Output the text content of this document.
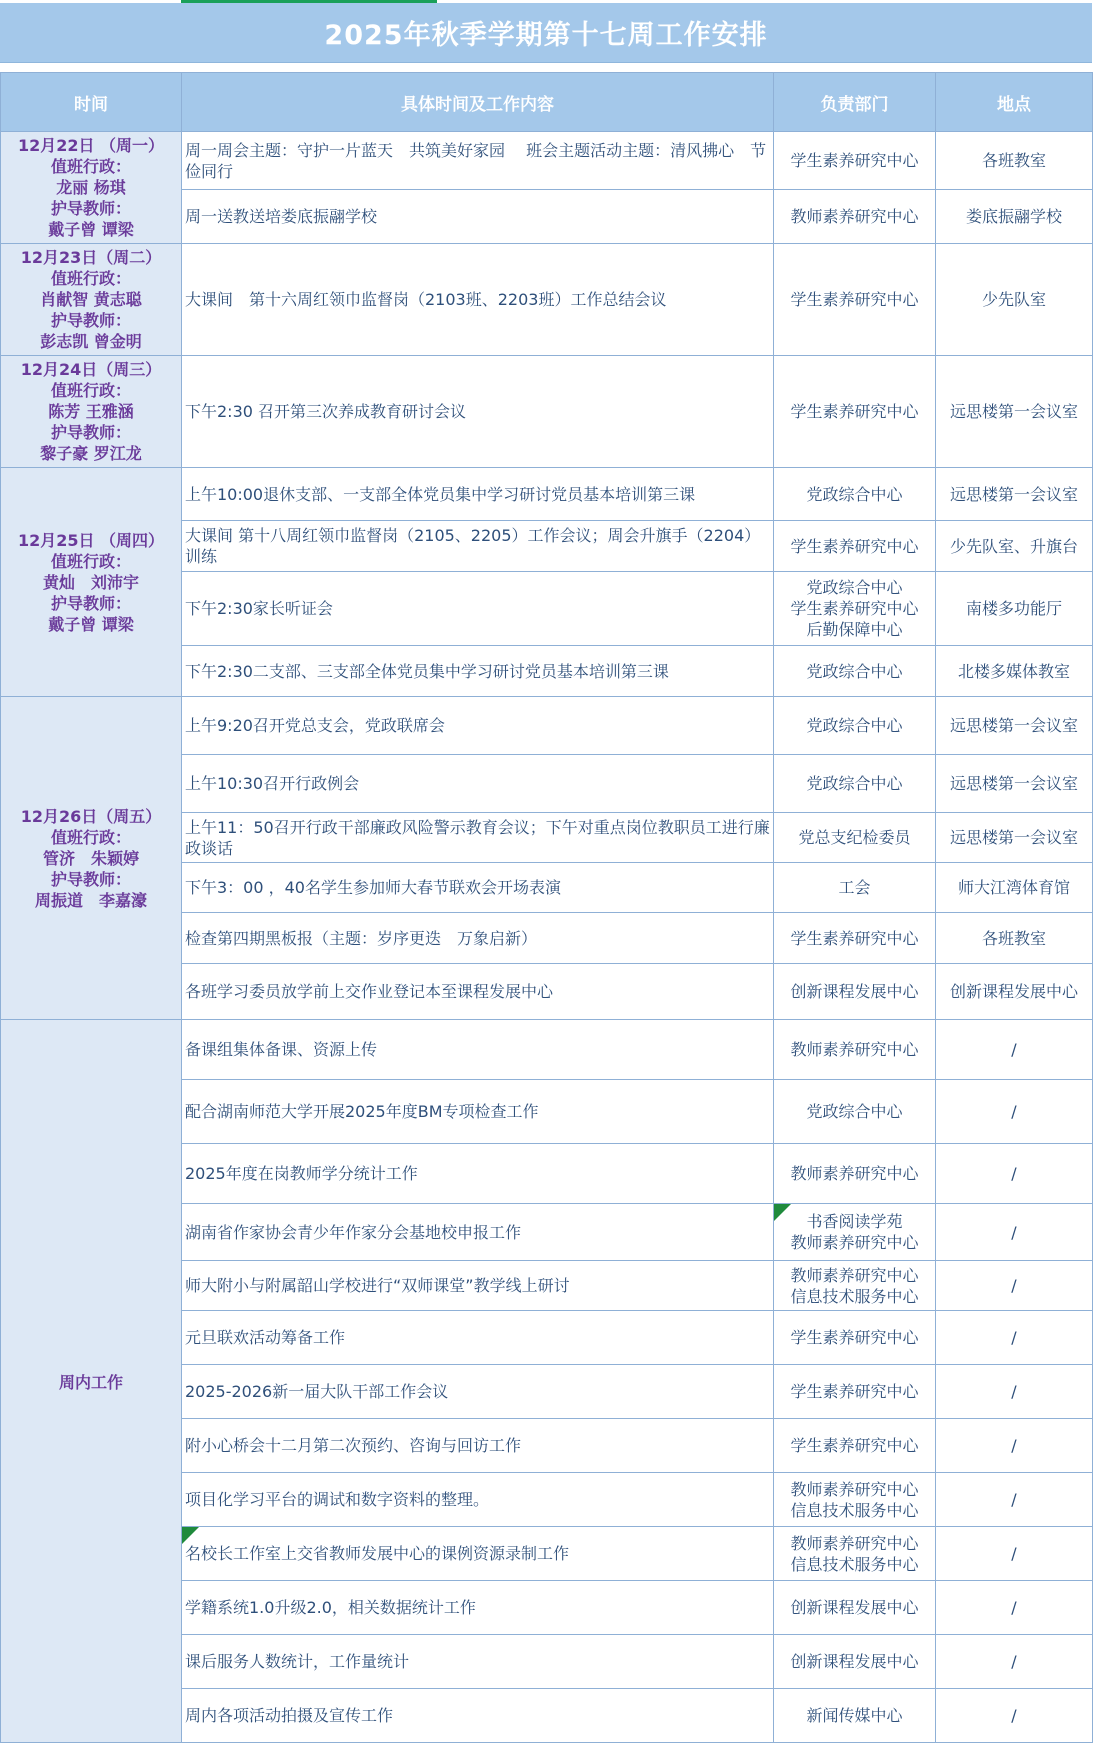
2025年秋季学期第十七周工作安排
时间	具体时间及工作内容	负责部门	地点

12月22日 （周一）
值班行政：
龙丽 杨琪
护导教师：
戴子曾 谭梁	周一周会主题：守护一片蓝天　共筑美好家园　 班会主题活动主题：清风拂心　节俭同行	学生素养研究中心	各班教室
	周一送教送培娄底振翮学校	教师素养研究中心	娄底振翮学校

12月23日（周二）
值班行政：
肖献智 黄志聪
护导教师：
彭志凯 曾金明	大课间　第十六周红领巾监督岗（2103班、2203班）工作总结会议	学生素养研究中心	少先队室

12月24日（周三）
值班行政：
陈芳 王雅涵
护导教师：
黎子豪 罗江龙	下午2:30 召开第三次养成教育研讨会议	学生素养研究中心	远思楼第一会议室

12月25日 （周四）
值班行政：
黄灿　刘沛宇
护导教师：
戴子曾 谭梁	上午10:00退休支部、一支部全体党员集中学习研讨党员基本培训第三课	党政综合中心	远思楼第一会议室
	大课间 第十八周红领巾监督岗（2105、2205）工作会议；周会升旗手（2204）训练	学生素养研究中心	少先队室、升旗台
	下午2:30家长听证会	党政综合中心
学生素养研究中心
后勤保障中心	南楼多功能厅
	下午2:30二支部、三支部全体党员集中学习研讨党员基本培训第三课	党政综合中心	北楼多媒体教室

12月26日（周五）
值班行政：
管济　朱颖婷
护导教师：
周振道　李嘉濠	上午9:20召开党总支会，党政联席会	党政综合中心	远思楼第一会议室
	上午10:30召开行政例会	党政综合中心	远思楼第一会议室
	上午11：50召开行政干部廉政风险警示教育会议；下午对重点岗位教职员工进行廉政谈话	党总支纪检委员	远思楼第一会议室
	下午3：00 ，40名学生参加师大春节联欢会开场表演	工会	师大江湾体育馆
	检查第四期黑板报（主题：岁序更迭　万象启新）	学生素养研究中心	各班教室
	各班学习委员放学前上交作业登记本至课程发展中心	创新课程发展中心	创新课程发展中心
周内工作	备课组集体备课、资源上传	教师素养研究中心	/
	配合湖南师范大学开展2025年度BM专项检查工作	党政综合中心	/
	2025年度在岗教师学分统计工作	教师素养研究中心	/
	湖南省作家协会青少年作家分会基地校申报工作	书香阅读学苑
教师素养研究中心	/
	师大附小与附属韶山学校进行“双师课堂”教学线上研讨	教师素养研究中心
信息技术服务中心	/
	元旦联欢活动筹备工作	学生素养研究中心	/
	2025-2026新一届大队干部工作会议	学生素养研究中心	/
	附小心桥会十二月第二次预约、咨询与回访工作	学生素养研究中心	/
	项目化学习平台的调试和数字资料的整理。	教师素养研究中心
信息技术服务中心	/

名校长工作室上交省教师发展中心的课例资源录制工作	教师素养研究中心
信息技术服务中心	/
	学籍系统1.0升级2.0，相关数据统计工作	创新课程发展中心	/
	课后服务人数统计，工作量统计	创新课程发展中心	/
	周内各项活动拍摄及宣传工作	新闻传媒中心	/
